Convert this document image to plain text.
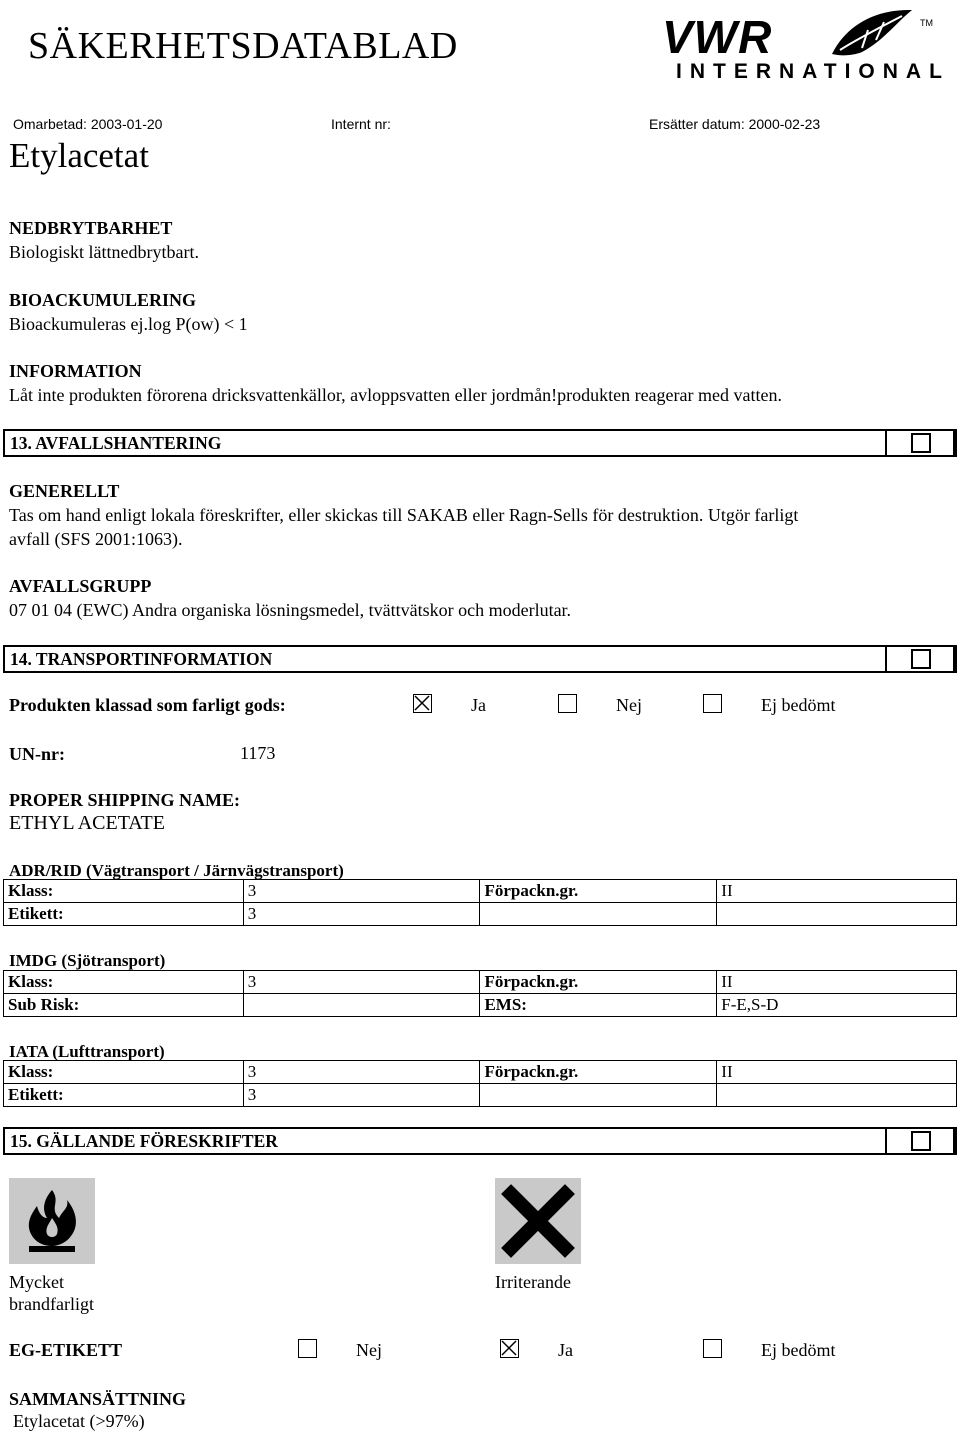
SÄKERHETSDATABLAD	VWR
INTERNATIONAL
TM
Omarbetad: 2003-01-20	Internt nr:	Ersätter datum: 2000-02-23
Etylacetat
NEDBRYTBARHET
Biologiskt lättnedbrytbart.
BIOACKUMULERING
Bioackumuleras ej.log P(ow) < 1
INFORMATION
Låt inte produkten förorena dricksvattenkällor, avloppsvatten eller jordmån!produkten reagerar med vatten.
13. AVFALLSHANTERING
GENERELLT
Tas om hand enligt lokala föreskrifter, eller skickas till SAKAB eller Ragn-Sells för destruktion. Utgör farligt
avfall (SFS 2001:1063).
AVFALLSGRUPP
07 01 04 (EWC) Andra organiska lösningsmedel, tvättvätskor och moderlutar.
14. TRANSPORTINFORMATION
Produkten klassad som farligt gods:	Ja	Nej	Ej bedömt
UN-nr:	1173
PROPER SHIPPING NAME:
ETHYL ACETATE
ADR/RID (Vägtransport / Järnvägstransport)
Klass:	3	Förpackn.gr.	II
Etikett:	3		
IMDG (Sjötransport)
Klass:	3	Förpackn.gr.	II
Sub Risk:		EMS:	F-E,S-D
IATA (Lufttransport)
Klass:	3	Förpackn.gr.	II
Etikett:	3		
15. GÄLLANDE FÖRESKRIFTER
Mycket
brandfarligt
Irriterande
EG-ETIKETT	Nej	Ja	Ej bedömt
SAMMANSÄTTNING
Etylacetat (>97%)
